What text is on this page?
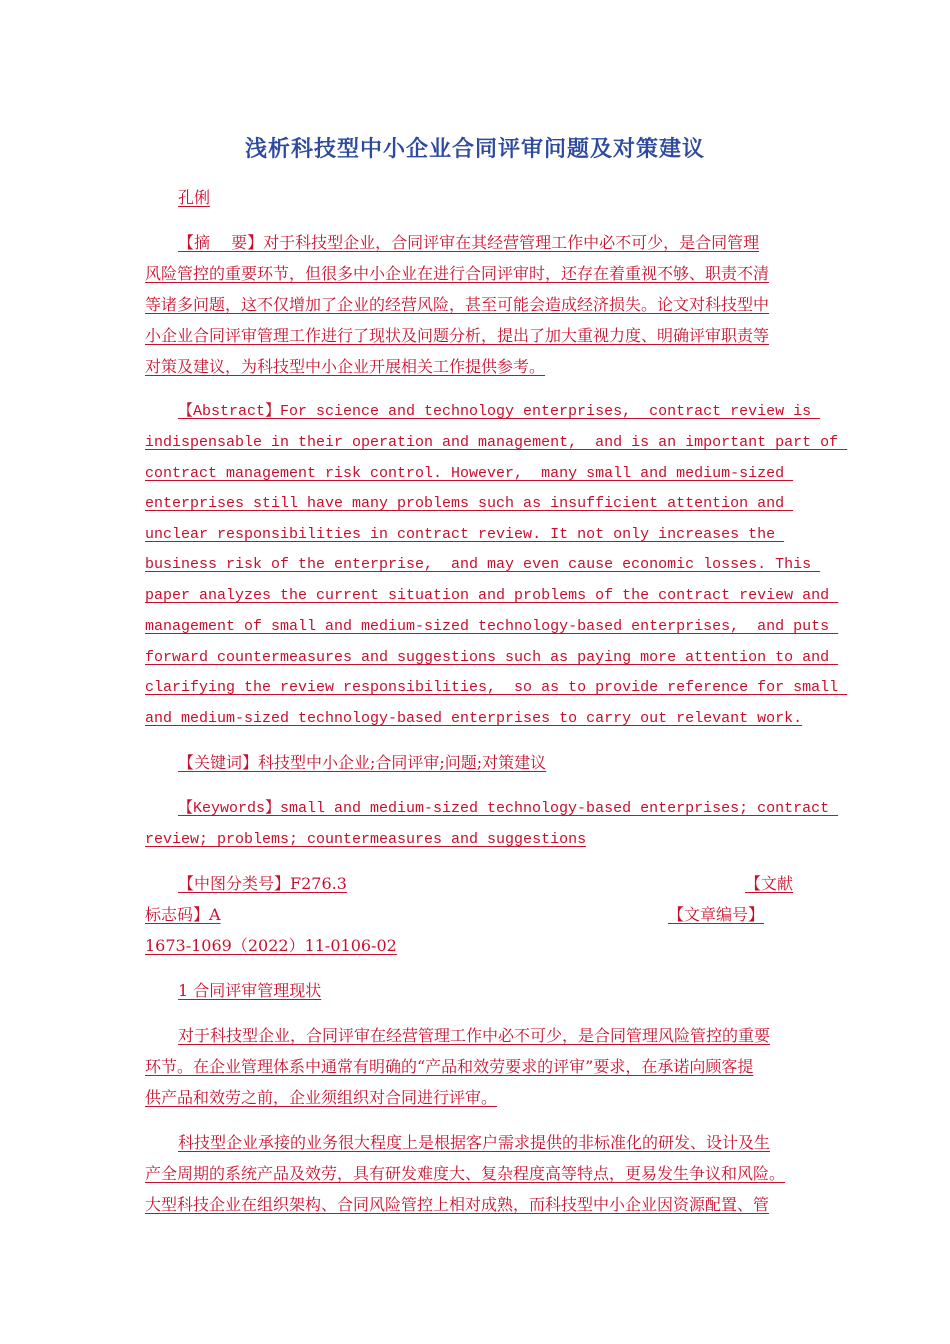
浅析科技型中小企业合同评审问题及对策建议
孔俐
【摘　 要】对于科技型企业，合同评审在其经营管理工作中必不可少，是合同管理
风险管控的重要环节，但很多中小企业在进行合同评审时，还存在着重视不够、职责不清
等诸多问题，这不仅增加了企业的经营风险，甚至可能会造成经济损失。论文对科技型中
小企业合同评审管理工作进行了现状及问题分析，提出了加大重视力度、明确评审职责等
对策及建议，为科技型中小企业开展相关工作提供参考。
【Abstract】For science and technology enterprises,  contract review is
indispensable in their operation and management,  and is an important part of
contract management risk control. However,  many small and medium-sized
enterprises still have many problems such as insufficient attention and
unclear responsibilities in contract review. It not only increases the
business risk of the enterprise,  and may even cause economic losses. This
paper analyzes the current situation and problems of the contract review and
management of small and medium-sized technology-based enterprises,  and puts
forward countermeasures and suggestions such as paying more attention to and
clarifying the review responsibilities,  so as to provide reference for small
and medium-sized technology-based enterprises to carry out relevant work.
【关键词】科技型中小企业;合同评审;问题;对策建议
【Keywords】small and medium-sized technology-based enterprises; contract
review; problems; countermeasures and suggestions
【中图分类号】F276.3	【文献
标志码】A	【文章编号】
1673-1069（2022）11-0106-02
1 合同评审管理现状
对于科技型企业，合同评审在经营管理工作中必不可少，是合同管理风险管控的重要
环节。在企业管理体系中通常有明确的“产品和效劳要求的评审”要求，在承诺向顾客提
供产品和效劳之前，企业须组织对合同进行评审。
科技型企业承接的业务很大程度上是根据客户需求提供的非标准化的研发、设计及生
产全周期的系统产品及效劳，具有研发难度大、复杂程度高等特点，更易发生争议和风险。
大型科技企业在组织架构、合同风险管控上相对成熟，而科技型中小企业因资源配置、管
